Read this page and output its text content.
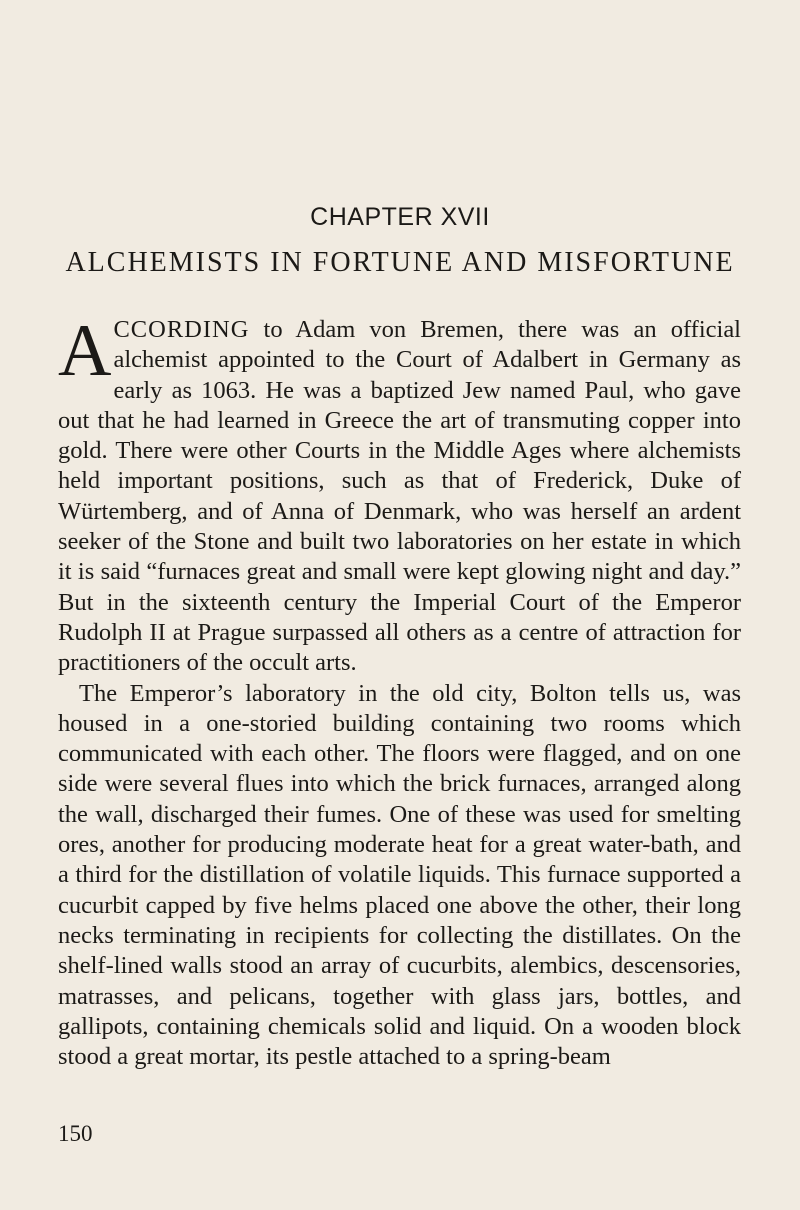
CHAPTER XVII
ALCHEMISTS IN FORTUNE AND MISFORTUNE

ACCORDING to Adam von Bremen, there was an official alchemist appointed to the Court of Adalbert in Germany as early as 1063. He was a baptized Jew named Paul, who gave out that he had learned in Greece the art of transmuting copper into gold. There were other Courts in the Middle Ages where alchemists held important positions, such as that of Frederick, Duke of Würtemberg, and of Anna of Denmark, who was herself an ardent seeker of the Stone and built two laboratories on her estate in which it is said “furnaces great and small were kept glowing night and day.” But in the sixteenth century the Imperial Court of the Emperor Rudolph II at Prague surpassed all others as a centre of attraction for practitioners of the occult arts.

The Emperor’s laboratory in the old city, Bolton tells us, was housed in a one-storied building containing two rooms which communicated with each other. The floors were flagged, and on one side were several flues into which the brick furnaces, arranged along the wall, discharged their fumes. One of these was used for smelting ores, another for producing moderate heat for a great water-bath, and a third for the distillation of volatile liquids. This furnace supported a cucurbit capped by five helms placed one above the other, their long necks terminating in recipients for collecting the distillates. On the shelf-lined walls stood an array of cucurbits, alembics, descensories, matrasses, and pelicans, together with glass jars, bottles, and gallipots, containing chemicals solid and liquid. On a wooden block stood a great mortar, its pestle attached to a spring-beam

150
